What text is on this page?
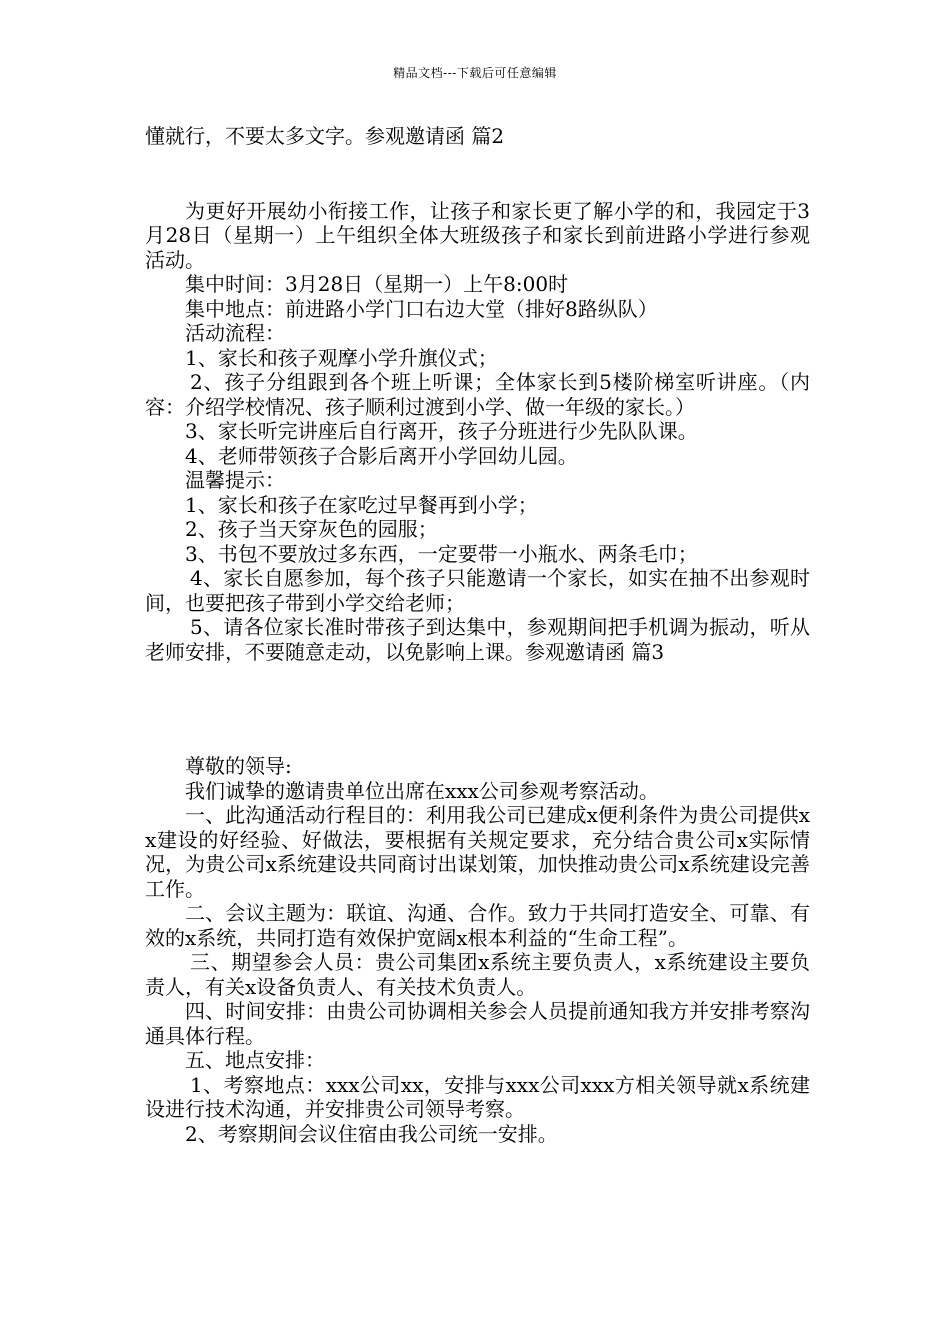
精品文档---下载后可任意编辑

懂就行，不要太多文字。参观邀请函 篇2

为更好开展幼小衔接工作，让孩子和家长更了解小学的和，我园定于3月28日（星期一）上午组织全体大班级孩子和家长到前进路小学进行参观活动。

集中时间：3月28日（星期一）上午8:00时

集中地点：前进路小学门口右边大堂（排好8路纵队）

活动流程：

1、家长和孩子观摩小学升旗仪式；

2、孩子分组跟到各个班上听课；全体家长到5楼阶梯室听讲座。（内容：介绍学校情况、孩子顺利过渡到小学、做一年级的家长。）

3、家长听完讲座后自行离开，孩子分班进行少先队队课。

4、老师带领孩子合影后离开小学回幼儿园。

温馨提示：

1、家长和孩子在家吃过早餐再到小学；

2、孩子当天穿灰色的园服；

3、书包不要放过多东西，一定要带一小瓶水、两条毛巾；

4、家长自愿参加，每个孩子只能邀请一个家长，如实在抽不出参观时间，也要把孩子带到小学交给老师；

5、请各位家长准时带孩子到达集中，参观期间把手机调为振动，听从老师安排，不要随意走动，以免影响上课。参观邀请函 篇3

尊敬的领导:

我们诚挚的邀请贵单位出席在xxx公司参观考察活动。

一、此沟通活动行程目的：利用我公司已建成x便利条件为贵公司提供xx建设的好经验、好做法，要根据有关规定要求，充分结合贵公司x实际情况，为贵公司x系统建设共同商讨出谋划策，加快推动贵公司x系统建设完善工作。

二、会议主题为：联谊、沟通、合作。致力于共同打造安全、可靠、有效的x系统，共同打造有效保护宽阔x根本利益的“生命工程”。

三、期望参会人员：贵公司集团x系统主要负责人，x系统建设主要负责人，有关x设备负责人、有关技术负责人。

四、时间安排：由贵公司协调相关参会人员提前通知我方并安排考察沟通具体行程。

五、地点安排：

1、考察地点：xxx公司xx，安排与xxx公司xxx方相关领导就x系统建设进行技术沟通，并安排贵公司领导考察。

2、考察期间会议住宿由我公司统一安排。
